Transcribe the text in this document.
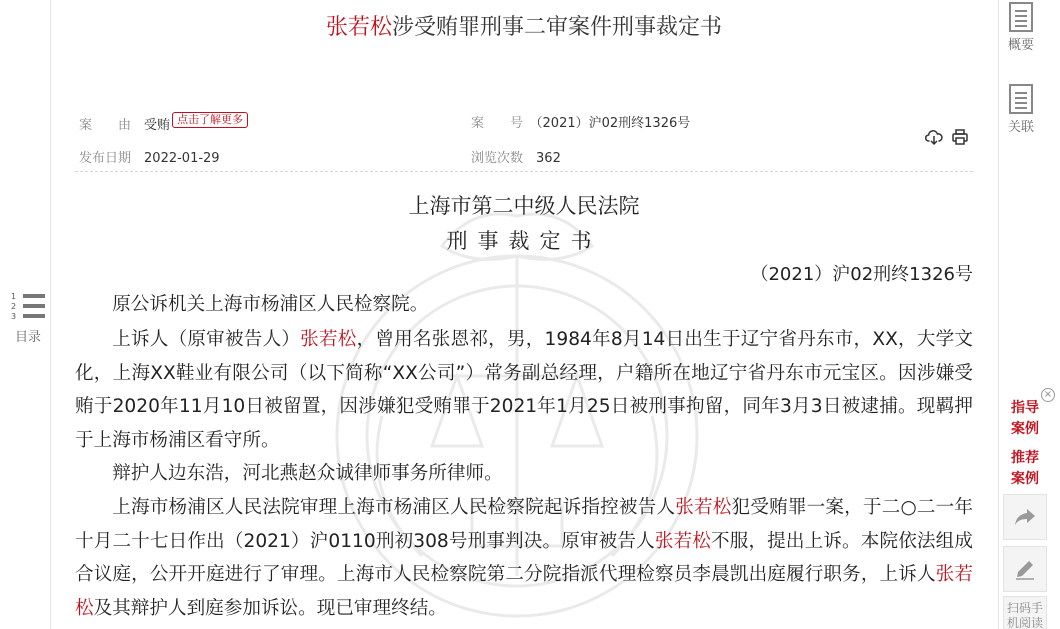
1
2
3
目录
张若松涉受贿罪刑事二审案件刑事裁定书
案　　由　 受贿 点击了解更多	案　　号　 （2021）沪02刑终1326号
发布日期　 2022-01-29	浏览次数　 362
上海市第二中级人民法院
刑事裁定书
（2021）沪02刑终1326号
原公诉机关上海市杨浦区人民检察院。
上诉人（原审被告人）张若松，曾用名张恩祁，男，1984年8月14日出生于辽宁省丹东市，XX，大学文化，上海XX鞋业有限公司（以下简称“XX公司”）常务副总经理，户籍所在地辽宁省丹东市元宝区。因涉嫌受贿于2020年11月10日被留置，因涉嫌犯受贿罪于2021年1月25日被刑事拘留，同年3月3日被逮捕。现羁押于上海市杨浦区看守所。
辩护人边东浩，河北燕赵众诚律师事务所律师。
上海市杨浦区人民法院审理上海市杨浦区人民检察院起诉指控被告人张若松犯受贿罪一案，于二○二一年十月二十七日作出（2021）沪0110刑初308号刑事判决。原审被告人张若松不服，提出上诉。本院依法组成合议庭，公开开庭进行了审理。上海市人民检察院第二分院指派代理检察员李晨凯出庭履行职务，上诉人张若松及其辩护人到庭参加诉讼。现已审理终结。
概要
关联
×
指导案例
推荐案例
扫码手机阅读
